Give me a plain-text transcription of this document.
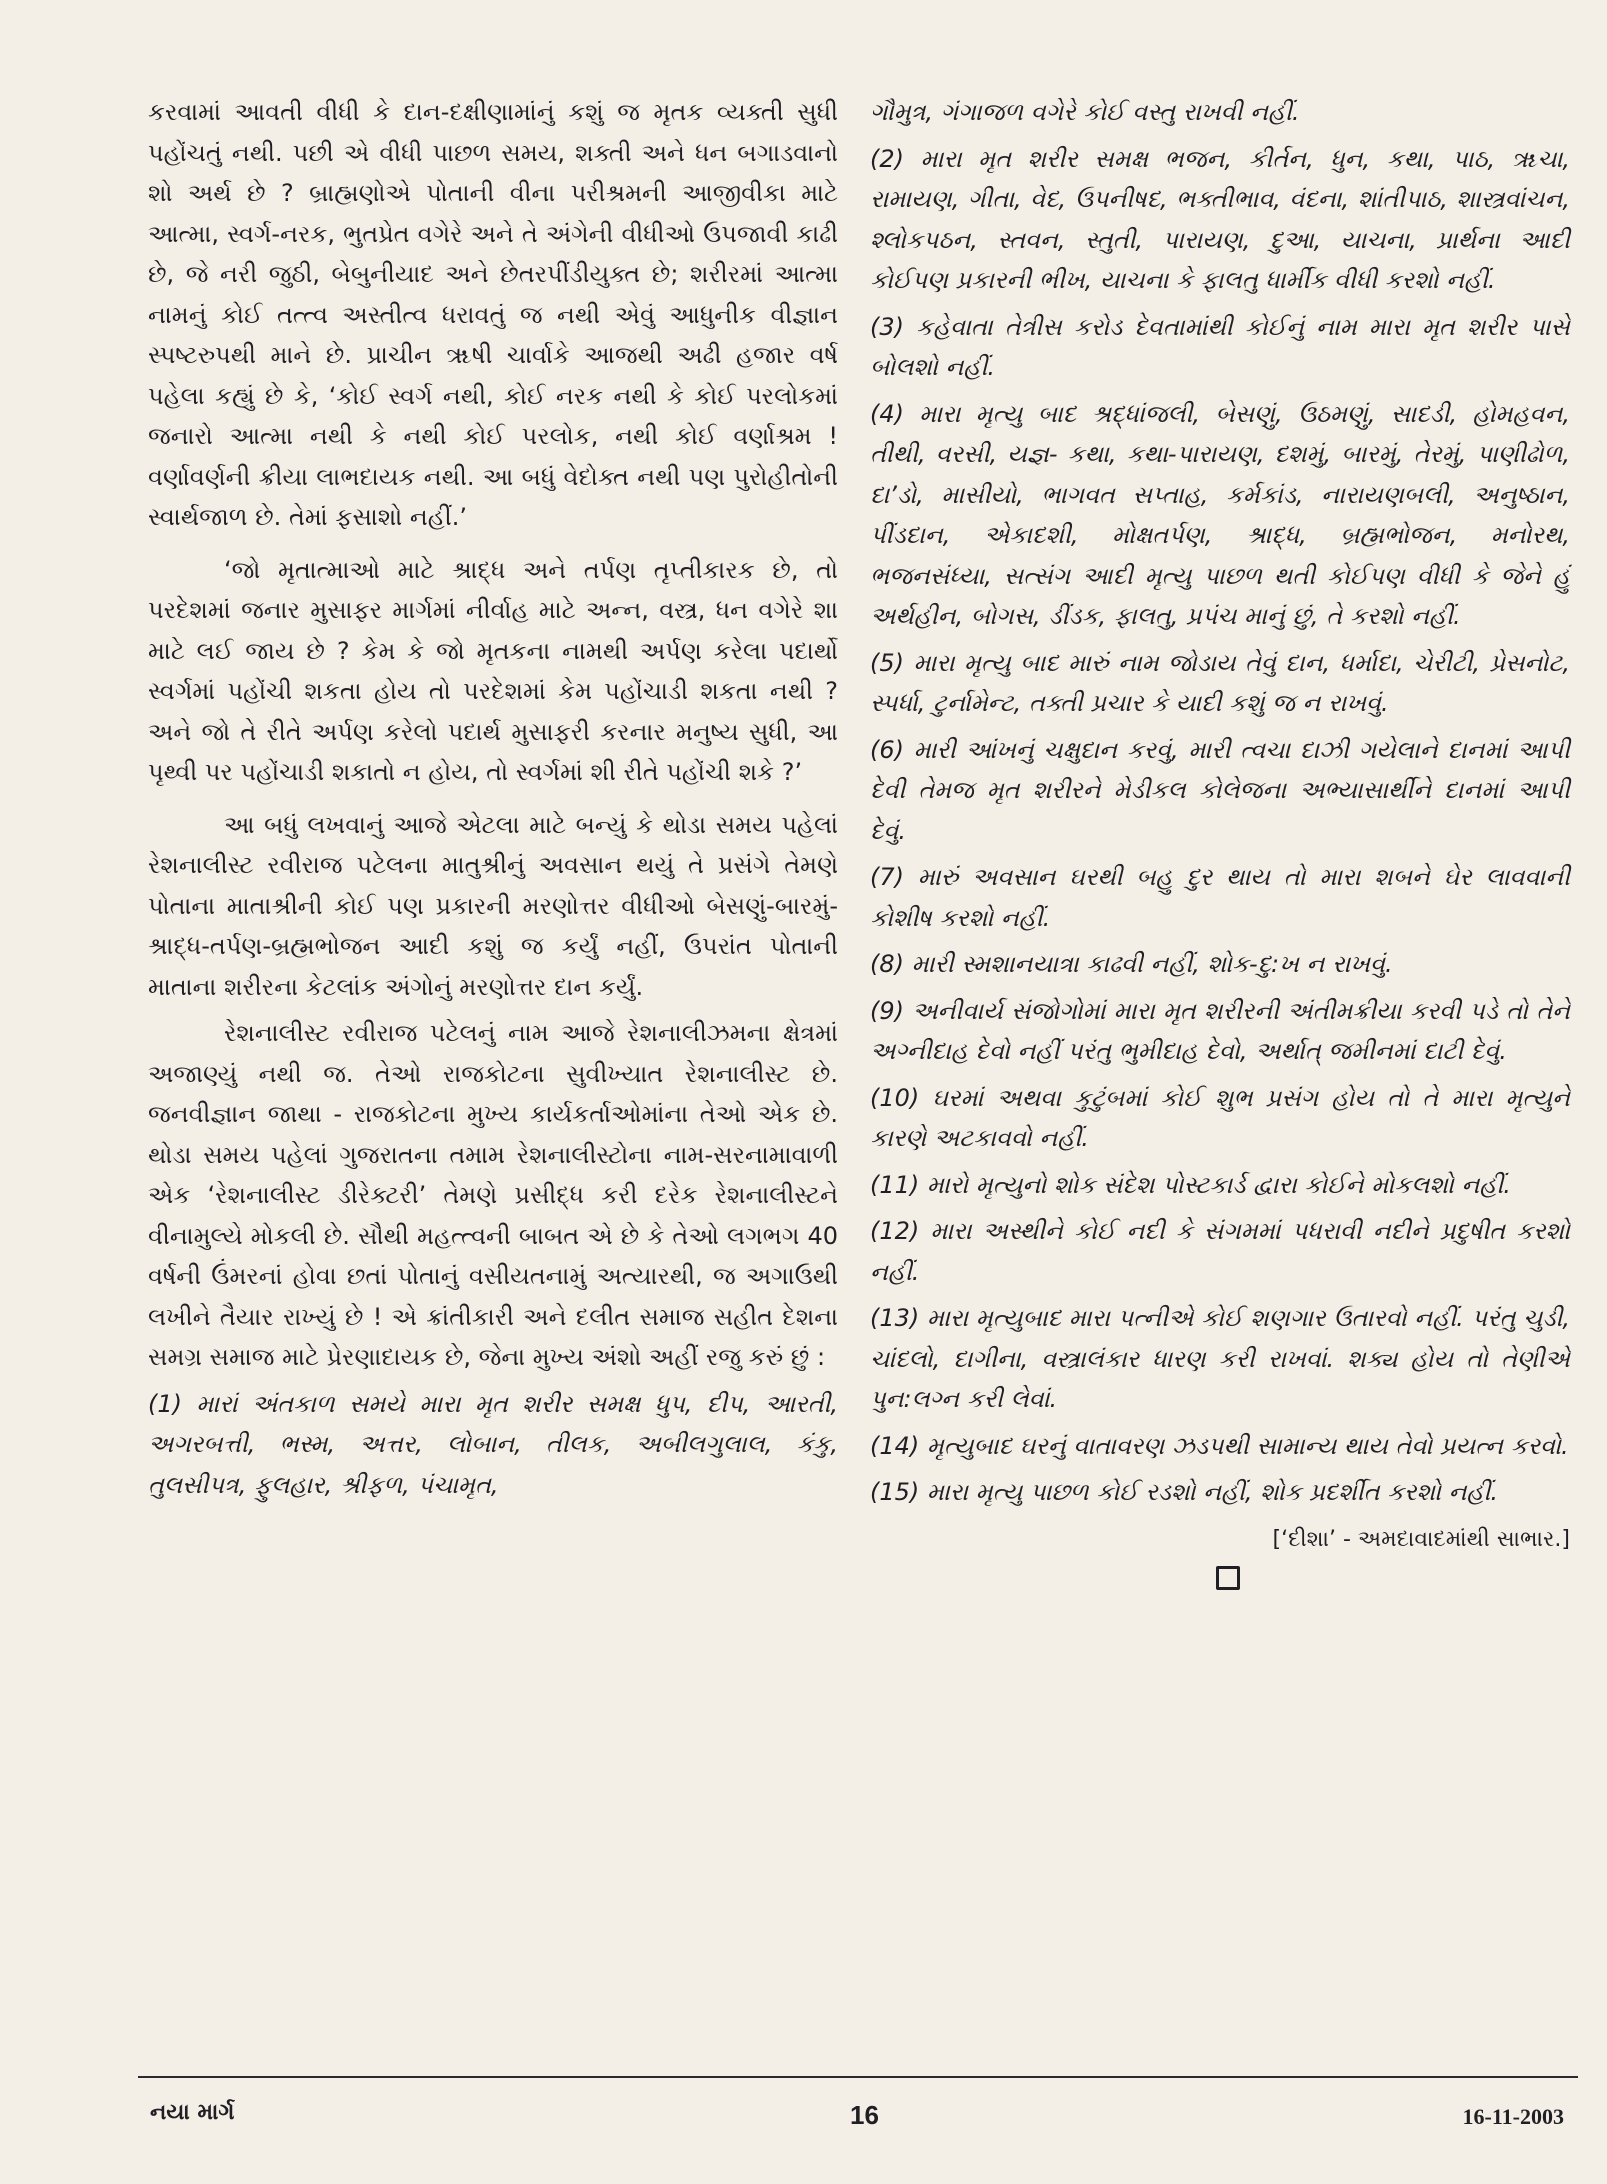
કરવામાં આવતી વીધી કે દાન-દક્ષીણામાંનું કશું જ મૃતક વ્યક્તી સુધી પહોંચતું નથી. પછી એ વીધી પાછળ સમય, શક્તી અને ધન બગાડવાનો શો અર્થ છે ? બ્રાહ્મણોએ પોતાની વીના પરીશ્રમની આજીવીકા માટે આત્મા, સ્વર્ગ-નરક, ભુતપ્રેત વગેરે અને તે અંગેની વીધીઓ ઉપજાવી કાઢી છે, જે નરી જુઠી, બેબુનીયાદ અને છેતરપીંડીયુક્ત છે; શરીરમાં આત્મા નામનું કોઈ તત્ત્વ અસ્તીત્વ ધરાવતું જ નથી એવું આધુનીક વીજ્ઞાન સ્પષ્ટરુપથી માને છે. પ્રાચીન ૠષી ચાર્વાકે આજથી અઢી હજાર વર્ષ પહેલા કહ્યું છે કે, ‘કોઈ સ્વર્ગ નથી, કોઈ નરક નથી કે કોઈ પરલોકમાં જનારો આત્મા નથી કે નથી કોઈ પરલોક, નથી કોઈ વર્ણાશ્રમ ! વર્ણાવર્ણની ક્રીયા લાભદાયક નથી. આ બધું વેદોક્ત નથી પણ પુરોહીતોની સ્વાર્થજાળ છે. તેમાં ફસાશો નહીં.’

‘જો મૃતાત્માઓ માટે શ્રાદ્ધ અને તર્પણ તૃપ્તીકારક છે, તો પરદેશમાં જનાર મુસાફર માર્ગમાં નીર્વાહ માટે અન્ન, વસ્ત્ર, ધન વગેરે શા માટે લઈ જાય છે ? કેમ કે જો મૃતકના નામથી અર્પણ કરેલા પદાર્થો સ્વર્ગમાં પહોંચી શકતા હોય તો પરદેશમાં કેમ પહોંચાડી શકતા નથી ? અને જો તે રીતે અર્પણ કરેલો પદાર્થ મુસાફરી કરનાર મનુષ્ય સુધી, આ પૃથ્વી પર પહોંચાડી શકાતો ન હોય, તો સ્વર્ગમાં શી રીતે પહોંચી શકે ?’

આ બધું લખવાનું આજે એટલા માટે બન્યું કે થોડા સમય પહેલાં રેશનાલીસ્ટ રવીરાજ પટેલના માતુશ્રીનું અવસાન થયું તે પ્રસંગે તેમણે પોતાના માતાશ્રીની કોઈ પણ પ્રકારની મરણોત્તર વીધીઓ બેસણું-બારમું-શ્રાદ્ધ-તર્પણ-બ્રહ્મભોજન આદી કશું જ કર્યું નહીં, ઉપરાંત પોતાની માતાના શરીરના કેટલાંક અંગોનું મરણોત્તર દાન કર્યું.

રેશનાલીસ્ટ રવીરાજ પટેલનું નામ આજે રેશનાલીઝમના ક્ષેત્રમાં અજાણ્યું નથી જ. તેઓ રાજકોટના સુવીખ્યાત રેશનાલીસ્ટ છે. જનવીજ્ઞાન જાથા - રાજકોટના મુખ્ય કાર્યકર્તાઓમાંના તેઓ એક છે. થોડા સમય પહેલાં ગુજરાતના તમામ રેશનાલીસ્ટોના નામ-સરનામાવાળી એક ‘રેશનાલીસ્ટ ડીરેક્ટરી’ તેમણે પ્રસીદ્ધ કરી દરેક રેશનાલીસ્ટને વીનામુલ્યે મોકલી છે. સૌથી મહત્ત્વની બાબત એ છે કે તેઓ લગભગ 40 વર્ષની ઉંમરનાં હોવા છતાં પોતાનું વસીયતનામું અત્યારથી, જ અગાઉથી લખીને તૈયાર રાખ્યું છે ! એ ક્રાંતીકારી અને દલીત સમાજ સહીત દેશના સમગ્ર સમાજ માટે પ્રેરણાદાયક છે, જેના મુખ્ય અંશો અહીં રજુ કરું છું :

(1) મારાં અંતકાળ સમયે મારા મૃત શરીર સમક્ષ ધુપ, દીપ, આરતી, અગરબત્તી, ભસ્મ, અત્તર, લોબાન, તીલક, અબીલગુલાલ, કંકુ, તુલસીપત્ર, ફુલહાર, શ્રીફળ, પંચામૃત,

ગૌમુત્ર, ગંગાજળ વગેરે કોઈ વસ્તુ રાખવી નહીં.

(2) મારા મૃત શરીર સમક્ષ ભજન, કીર્તન, ધુન, કથા, પાઠ, ૠચા, રામાયણ, ગીતા, વેદ, ઉપનીષદ, ભક્તીભાવ, વંદના, શાંતીપાઠ, શાસ્ત્રવાંચન, શ્લોકપઠન, સ્તવન, સ્તુતી, પારાયણ, દુઆ, યાચના, પ્રાર્થના આદી કોઈપણ પ્રકારની ભીખ, યાચના કે ફાલતુ ધાર્મીક વીધી કરશો નહીં.

(3) કહેવાતા તેત્રીસ કરોડ દેવતામાંથી કોઈનું નામ મારા મૃત શરીર પાસે બોલશો નહીં.

(4) મારા મૃત્યુ બાદ શ્રદ્ધાંજલી, બેસણું, ઉઠમણું, સાદડી, હોમહવન, તીથી, વરસી, યજ્ઞ- કથા, કથા-પારાયણ, દશમું, બારમું, તેરમું, પાણીઢોળ, દા’ડો, માસીયો, ભાગવત સપ્તાહ, કર્મકાંડ, નારાયણબલી, અનુષ્ઠાન, પીંડદાન, એકાદશી, મોક્ષતર્પણ, શ્રાદ્ધ, બ્રહ્મભોજન, મનોરથ, ભજનસંધ્યા, સત્સંગ આદી મૃત્યુ પાછળ થતી કોઈપણ વીધી કે જેને હું અર્થહીન, બોગસ, ડીંડક, ફાલતુ, પ્રપંચ માનું છું, તે કરશો નહીં.

(5) મારા મૃત્યુ બાદ મારું નામ જોડાય તેવું દાન, ધર્માદા, ચેરીટી, પ્રેસનોટ, સ્પર્ધા, ટુર્નામેન્ટ, તક્તી પ્રચાર કે યાદી કશું જ ન રાખવું.

(6) મારી આંખનું ચક્ષુદાન કરવું, મારી ત્વચા દાઝી ગયેલાને દાનમાં આપી દેવી તેમજ મૃત શરીરને મેડીકલ કોલેજના અભ્યાસાર્થીને દાનમાં આપી દેવું.

(7) મારું અવસાન ઘરથી બહુ દુર થાય તો મારા શબને ઘેર લાવવાની કોશીષ કરશો નહીં.

(8) મારી સ્મશાનયાત્રા કાઢવી નહીં, શોક-દુ:ખ ન રાખવું.

(9) અનીવાર્ય સંજોગોમાં મારા મૃત શરીરની અંતીમક્રીયા કરવી પડે તો તેને અગ્નીદાહ દેવો નહીં પરંતુ ભુમીદાહ દેવો, અર્થાત્ જમીનમાં દાટી દેવું.

(10) ઘરમાં અથવા કુટુંબમાં કોઈ શુભ પ્રસંગ હોય તો તે મારા મૃત્યુને કારણે અટકાવવો નહીં.

(11) મારો મૃત્યુનો શોક સંદેશ પોસ્ટકાર્ડ દ્વારા કોઈને મોકલશો નહીં.

(12) મારા અસ્થીને કોઈ નદી કે સંગમમાં પધરાવી નદીને પ્રદુષીત કરશો નહીં.

(13) મારા મૃત્યુબાદ મારા પત્નીએ કોઈ શણગાર ઉતારવો નહીં. પરંતુ ચુડી, ચાંદલો, દાગીના, વસ્ત્રાલંકાર ધારણ કરી રાખવાં. શક્ય હોય તો તેણીએ પુન:લગ્ન કરી લેવાં.

(14) મૃત્યુબાદ ઘરનું વાતાવરણ ઝડપથી સામાન્ય થાય તેવો પ્રયત્ન કરવો.

(15) મારા મૃત્યુ પાછળ કોઈ રડશો નહીં, શોક પ્રદર્શીત કરશો નહીં.

[‘દીશા’ - અમદાવાદમાંથી સાભાર.]
નયા માર્ગ	16	16-11-2003
